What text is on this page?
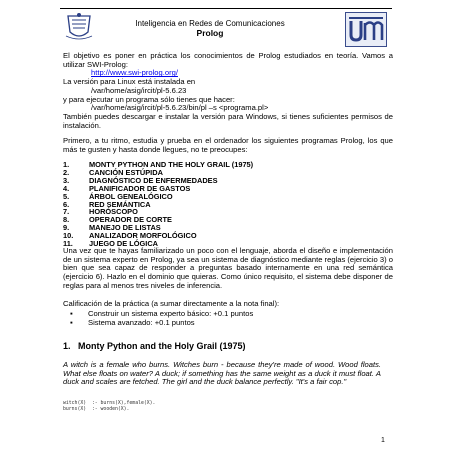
Inteligencia en Redes de Comunicaciones
Prolog
El objetivo es poner en práctica los conocimientos de Prolog estudiados en teoría. Vamos a utilizar SWI-Prolog:
http://www.swi-prolog.org/
La versión para Linux está instalada en
/var/home/asig/ircit/pl-5.6.23
y para ejecutar un programa sólo tienes que hacer:
/var/home/asig/ircit/pl-5.6.23/bin/pl –s <programa.pl>
También puedes descargar e instalar la versión para Windows, si tienes suficientes permisos de instalación.
Primero, a tu ritmo, estudia y prueba en el ordenador los siguientes programas Prolog, los que más te gusten y hasta donde llegues, no te preocupes:
1.	MONTY PYTHON AND THE HOLY GRAIL (1975)
2.	CANCIÓN ESTÚPIDA
3.	DIAGNÓSTICO DE ENFERMEDADES
4.	PLANIFICADOR DE GASTOS
5.	ÁRBOL GENEALÓGICO
6.	RED SEMÁNTICA
7.	HORÓSCOPO
8.	OPERADOR DE CORTE
9.	MANEJO DE LISTAS
10.	ANALIZADOR MORFOLÓGICO
11.	JUEGO DE LÓGICA
Una vez que te hayas familiarizado un poco con el lenguaje, aborda el diseño e implementación de un sistema experto en Prolog, ya sea un sistema de diagnóstico mediante reglas (ejercicio 3) o bien que sea capaz de responder a preguntas basado internamente en una red semántica (ejercicio 6). Hazlo en el dominio que quieras. Como único requisito, el sistema debe disponer de reglas para al menos tres niveles de inferencia.
Calificación de la práctica (a sumar directamente a la nota final):
▪	Construir un sistema experto básico: +0.1 puntos
▪	Sistema avanzado: +0.1 puntos
1. Monty Python and the Holy Grail (1975)
A witch is a female who burns. Witches burn - because they're made of wood. Wood floats. What else floats on water? A duck; if something has the same weight as a duck it must float. A duck and scales are fetched. The girl and the duck balance perfectly. "It's a fair cop."
witch(X)  :- burns(X),female(X).
burns(X)  :- wooden(X).
1
